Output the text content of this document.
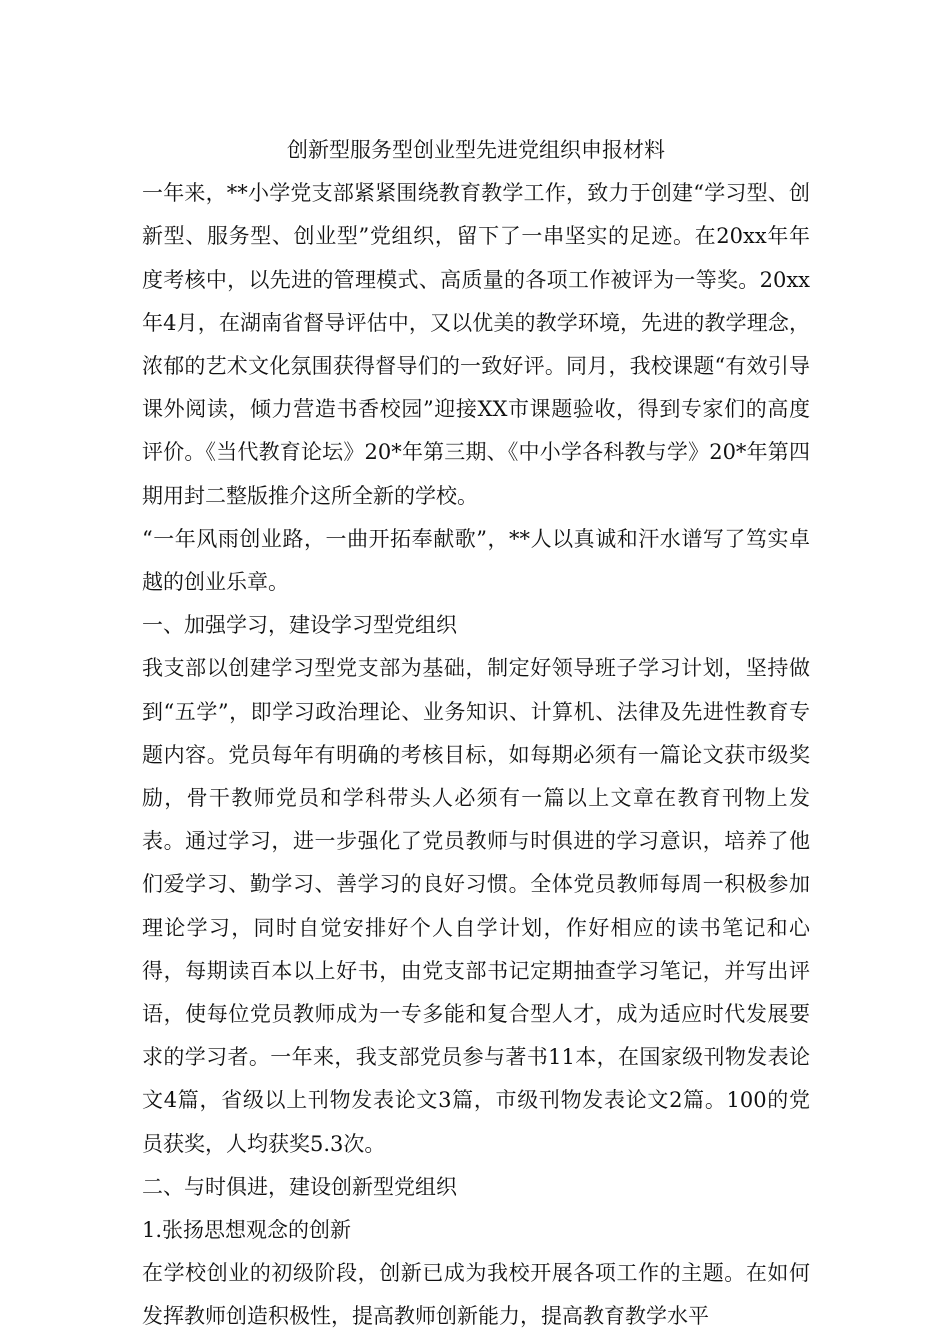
创新型服务型创业型先进党组织申报材料

一年来，**小学党支部紧紧围绕教育教学工作，致力于创建“学习型、创新型、服务型、创业型”党组织，留下了一串坚实的足迹。在20xx年年度考核中，以先进的管理模式、高质量的各项工作被评为一等奖。20xx年4月，在湖南省督导评估中，又以优美的教学环境，先进的教学理念，浓郁的艺术文化氛围获得督导们的一致好评。同月，我校课题“有效引导课外阅读，倾力营造书香校园”迎接XX市课题验收，得到专家们的高度评价。《当代教育论坛》20*年第三期、《中小学各科教与学》20*年第四期用封二整版推介这所全新的学校。

“一年风雨创业路，一曲开拓奉献歌”，**人以真诚和汗水谱写了笃实卓越的创业乐章。

一、加强学习，建设学习型党组织

我支部以创建学习型党支部为基础，制定好领导班子学习计划，坚持做到“五学”，即学习政治理论、业务知识、计算机、法律及先进性教育专题内容。党员每年有明确的考核目标，如每期必须有一篇论文获市级奖励，骨干教师党员和学科带头人必须有一篇以上文章在教育刊物上发表。通过学习，进一步强化了党员教师与时俱进的学习意识，培养了他们爱学习、勤学习、善学习的良好习惯。全体党员教师每周一积极参加理论学习，同时自觉安排好个人自学计划，作好相应的读书笔记和心得，每期读百本以上好书，由党支部书记定期抽查学习笔记，并写出评语，使每位党员教师成为一专多能和复合型人才，成为适应时代发展要求的学习者。一年来，我支部党员参与著书11本，在国家级刊物发表论文4篇，省级以上刊物发表论文3篇，市级刊物发表论文2篇。100的党员获奖，人均获奖5.3次。

二、与时俱进，建设创新型党组织

1.张扬思想观念的创新

在学校创业的初级阶段，创新已成为我校开展各项工作的主题。在如何发挥教师创造积极性，提高教师创新能力，提高教育教学水平
